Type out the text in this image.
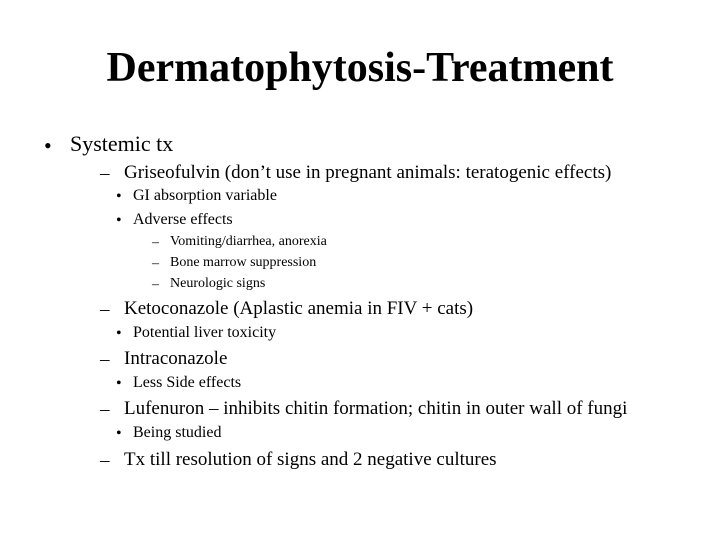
Dermatophytosis-Treatment
• Systemic tx
– Griseofulvin (don’t use in pregnant animals: teratogenic effects)
• GI absorption variable
• Adverse effects
– Vomiting/diarrhea, anorexia
– Bone marrow suppression
– Neurologic signs
– Ketoconazole (Aplastic anemia in FIV + cats)
• Potential liver toxicity
– Intraconazole
• Less Side effects
– Lufenuron – inhibits chitin formation; chitin in outer wall of fungi
• Being studied
– Tx till resolution of signs and 2 negative cultures
